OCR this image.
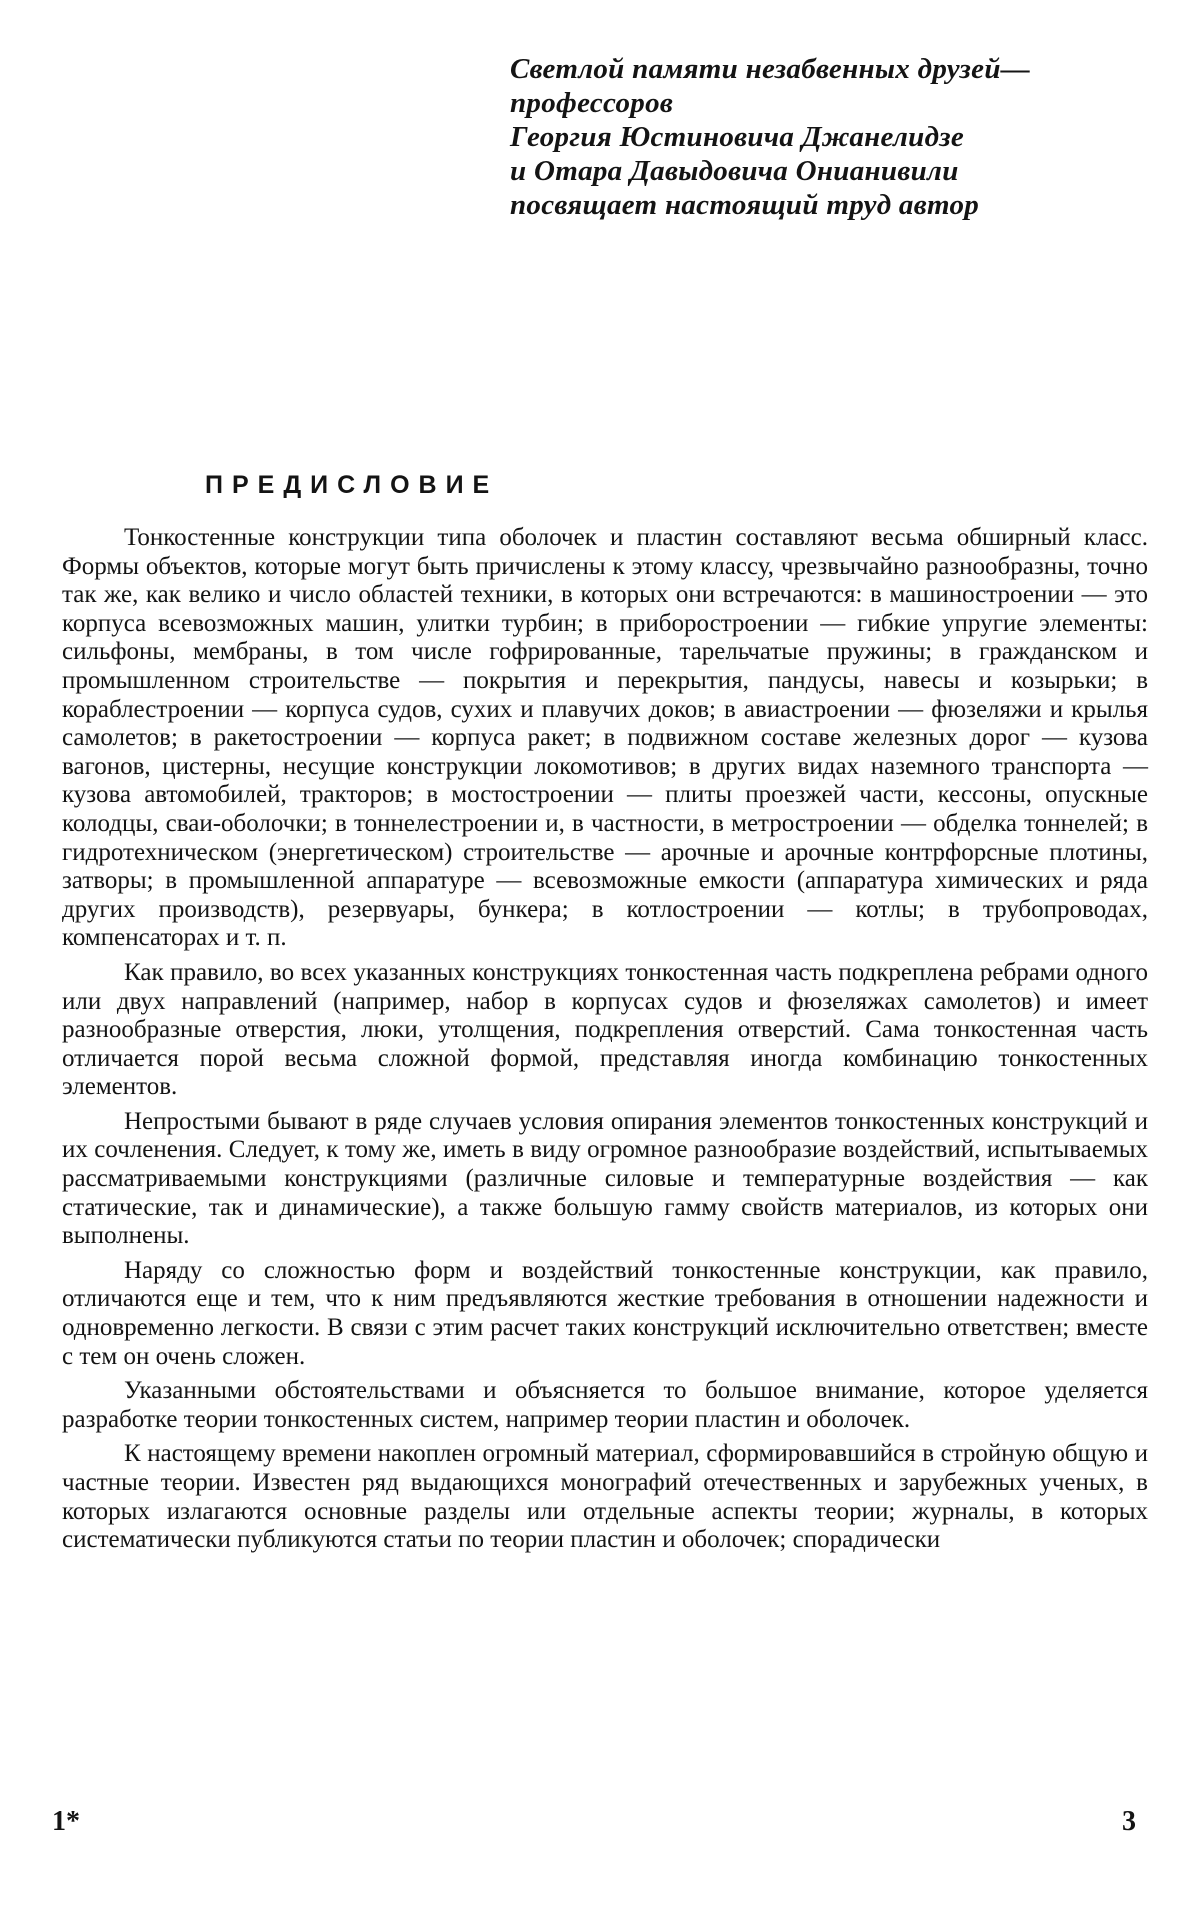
Светлой памяти незабвенных друзей—
профессоров
Георгия Юстиновича Джанелидзе
и Отара Давыдовича Онианивили
посвящает настоящий труд автор
ПРЕДИСЛОВИЕ

Тонкостенные конструкции типа оболочек и пластин составляют весьма обширный класс. Формы объектов, которые могут быть причислены к этому классу, чрезвычайно разнообразны, точно так же, как велико и число областей техники, в которых они встречаются: в машиностроении — это корпуса всевозможных машин, улитки турбин; в приборостроении — гибкие упругие элементы: сильфоны, мембраны, в том числе гофрированные, тарельчатые пружины; в гражданском и промышленном строительстве — покрытия и перекрытия, пандусы, навесы и козырьки; в кораблестроении — корпуса судов, сухих и плавучих доков; в авиастроении — фюзеляжи и крылья самолетов; в ракетостроении — корпуса ракет; в подвижном составе железных дорог — кузова вагонов, цистерны, несущие конструкции локомотивов; в других видах наземного транспорта — кузова автомобилей, тракторов; в мостостроении — плиты проезжей части, кессоны, опускные колодцы, сваи-оболочки; в тоннелестроении и, в частности, в метростроении — обделка тоннелей; в гидротехническом (энергетическом) строительстве — арочные и арочные контрфорсные плотины, затворы; в промышленной аппаратуре — всевозможные емкости (аппаратура химических и ряда других производств), резервуары, бункера; в котлостроении — котлы; в трубопроводах, компенсаторах и т. п.

Как правило, во всех указанных конструкциях тонкостенная часть подкреплена ребрами одного или двух направлений (например, набор в корпусах судов и фюзеляжах самолетов) и имеет разнообразные отверстия, люки, утолщения, подкрепления отверстий. Сама тонкостенная часть отличается порой весьма сложной формой, представляя иногда комбинацию тонкостенных элементов.

Непростыми бывают в ряде случаев условия опирания элементов тонкостенных конструкций и их сочленения. Следует, к тому же, иметь в виду огромное разнообразие воздействий, испытываемых рассматриваемыми конструкциями (различные силовые и температурные воздействия — как статические, так и динамические), а также большую гамму свойств материалов, из которых они выполнены.

Наряду со сложностью форм и воздействий тонкостенные конструкции, как правило, отличаются еще и тем, что к ним предъявляются жесткие требования в отношении надежности и одновременно легкости. В связи с этим расчет таких конструкций исключительно ответствен; вместе с тем он очень сложен.

Указанными обстоятельствами и объясняется то большое внимание, которое уделяется разработке теории тонкостенных систем, например теории пластин и оболочек.

К настоящему времени накоплен огромный материал, сформировавшийся в стройную общую и частные теории. Известен ряд выдающихся монографий отечественных и зарубежных ученых, в которых излагаются основные разделы или отдельные аспекты теории; журналы, в которых систематически публикуются статьи по теории пластин и оболочек; спорадически

1*	3
